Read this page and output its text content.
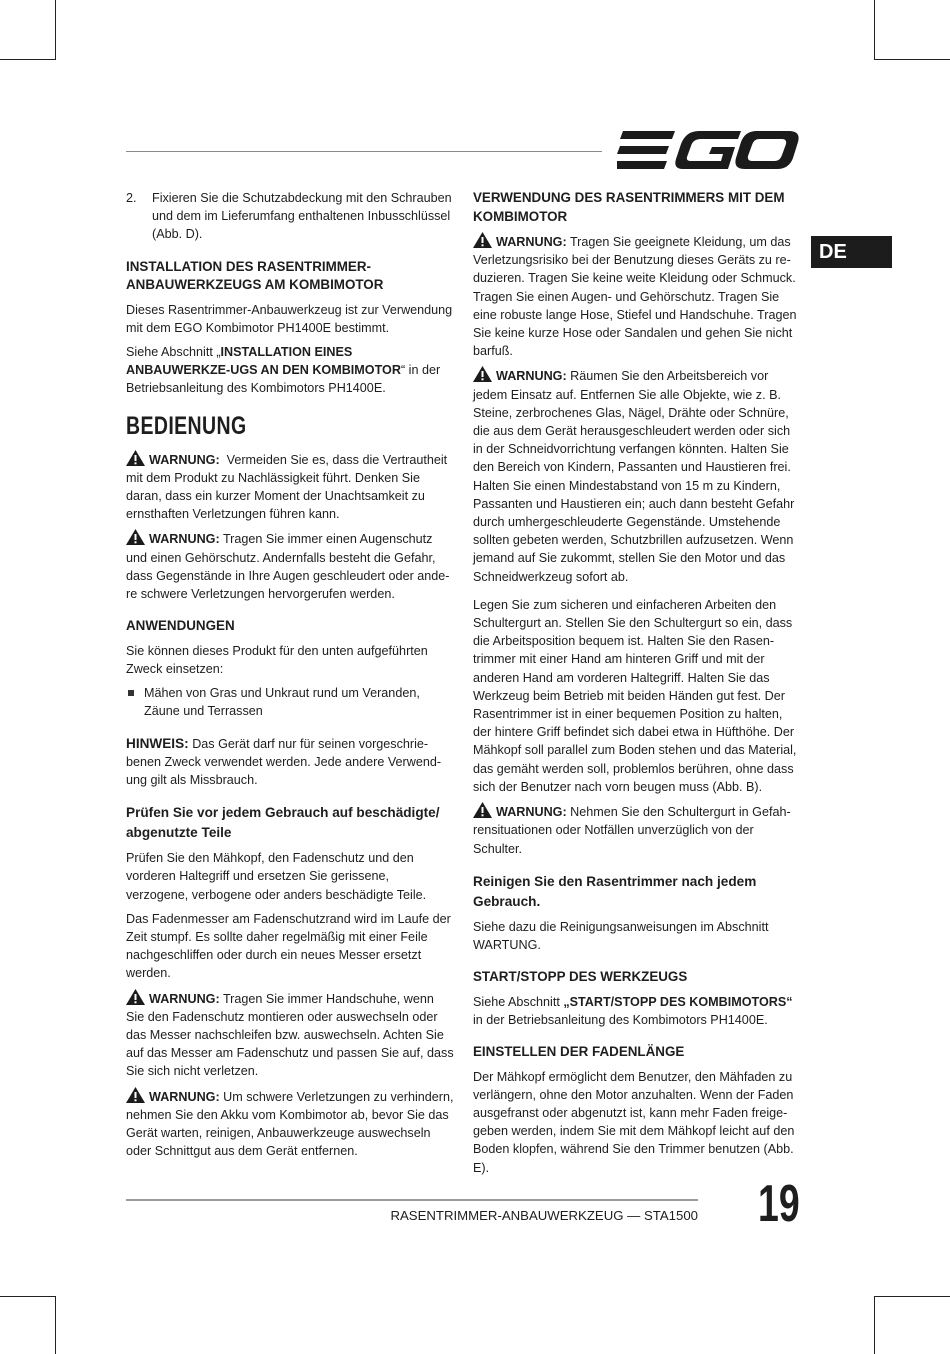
DE
2.	Fixieren Sie die Schutzabdeckung mit den Schrauben und dem im Lieferumfang enthaltenen Inbusschlüssel (Abb. D).
INSTALLATION DES RASENTRIMMER-ANBAUWERKZEUGS AM KOMBIMOTOR

Dieses Rasentrimmer-Anbauwerkzeug ist zur Verwendung mit dem EGO Kombimotor PH1400E bestimmt.

Siehe Abschnitt „INSTALLATION EINES ANBAUWERKZE-UGS AN DEN KOMBIMOTOR“ in der Betriebsanleitung des Kombimotors PH1400E.

BEDIENUNG

WARNUNG: Vermeiden Sie es, dass die Vertrautheit mit dem Produkt zu Nachlässigkeit führt. Denken Sie daran, dass ein kurzer Moment der Unachtsamkeit zu ernsthaften Verletzungen führen kann.

WARNUNG: Tragen Sie immer einen Augenschutz und einen Gehörschutz. Andernfalls besteht die Gefahr, dass Gegenstände in Ihre Augen geschleudert oder ande-re schwere Verletzungen hervorgerufen werden.

ANWENDUNGEN

Sie können dieses Produkt für den unten aufgeführten Zweck einsetzen:

Mähen von Gras und Unkraut rund um Veranden, Zäune und Terrassen

HINWEIS: Das Gerät darf nur für seinen vorgeschrie-benen Zweck verwendet werden. Jede andere Verwend-ung gilt als Missbrauch.

Prüfen Sie vor jedem Gebrauch auf beschädigte/ abgenutzte Teile

Prüfen Sie den Mähkopf, den Fadenschutz und den vorderen Haltegriff und ersetzen Sie gerissene, verzogene, verbogene oder anders beschädigte Teile.

Das Fadenmesser am Fadenschutzrand wird im Laufe der Zeit stumpf. Es sollte daher regelmäßig mit einer Feile nachgeschliffen oder durch ein neues Messer ersetzt werden.

WARNUNG: Tragen Sie immer Handschuhe, wenn Sie den Fadenschutz montieren oder auswechseln oder das Messer nachschleifen bzw. auswechseln. Achten Sie auf das Messer am Fadenschutz und passen Sie auf, dass Sie sich nicht verletzen.

WARNUNG: Um schwere Verletzungen zu verhindern, nehmen Sie den Akku vom Kombimotor ab, bevor Sie das Gerät warten, reinigen, Anbauwerkzeuge auswechseln oder Schnittgut aus dem Gerät entfernen.

VERWENDUNG DES RASENTRIMMERS MIT DEM KOMBIMOTOR

WARNUNG: Tragen Sie geeignete Kleidung, um das Verletzungsrisiko bei der Benutzung dieses Geräts zu re-duzieren. Tragen Sie keine weite Kleidung oder Schmuck. Tragen Sie einen Augen- und Gehörschutz. Tragen Sie eine robuste lange Hose, Stiefel und Handschuhe. Tragen Sie keine kurze Hose oder Sandalen und gehen Sie nicht barfuß.

WARNUNG: Räumen Sie den Arbeitsbereich vor jedem Einsatz auf. Entfernen Sie alle Objekte, wie z. B. Steine, zerbrochenes Glas, Nägel, Drähte oder Schnüre, die aus dem Gerät herausgeschleudert werden oder sich in der Schneidvorrichtung verfangen könnten. Halten Sie den Bereich von Kindern, Passanten und Haustieren frei. Halten Sie einen Mindestabstand von 15 m zu Kindern, Passanten und Haustieren ein; auch dann besteht Gefahr durch umhergeschleuderte Gegenstände. Umstehende sollten gebeten werden, Schutzbrillen aufzusetzen. Wenn jemand auf Sie zukommt, stellen Sie den Motor und das Schneidwerkzeug sofort ab.

Legen Sie zum sicheren und einfacheren Arbeiten den Schultergurt an. Stellen Sie den Schultergurt so ein, dass die Arbeitsposition bequem ist. Halten Sie den Rasen-trimmer mit einer Hand am hinteren Griff und mit der anderen Hand am vorderen Haltegriff. Halten Sie das Werkzeug beim Betrieb mit beiden Händen gut fest. Der Rasentrimmer ist in einer bequemen Position zu halten, der hintere Griff befindet sich dabei etwa in Hüfthöhe. Der Mähkopf soll parallel zum Boden stehen und das Material, das gemäht werden soll, problemlos berühren, ohne dass sich der Benutzer nach vorn beugen muss (Abb. B).

WARNUNG: Nehmen Sie den Schultergurt in Gefah-rensituationen oder Notfällen unverzüglich von der Schulter.

Reinigen Sie den Rasentrimmer nach jedem Gebrauch.

Siehe dazu die Reinigungsanweisungen im Abschnitt WARTUNG.

START/STOPP DES WERKZEUGS

Siehe Abschnitt „START/STOPP DES KOMBIMOTORS“ in der Betriebsanleitung des Kombimotors PH1400E.

EINSTELLEN DER FADENLÄNGE

Der Mähkopf ermöglicht dem Benutzer, den Mähfaden zu verlängern, ohne den Motor anzuhalten. Wenn der Faden ausgefranst oder abgenutzt ist, kann mehr Faden freige-geben werden, indem Sie mit dem Mähkopf leicht auf den Boden klopfen, während Sie den Trimmer benutzen (Abb. E).

RASENTRIMMER-ANBAUWERKZEUG — STA1500 19
